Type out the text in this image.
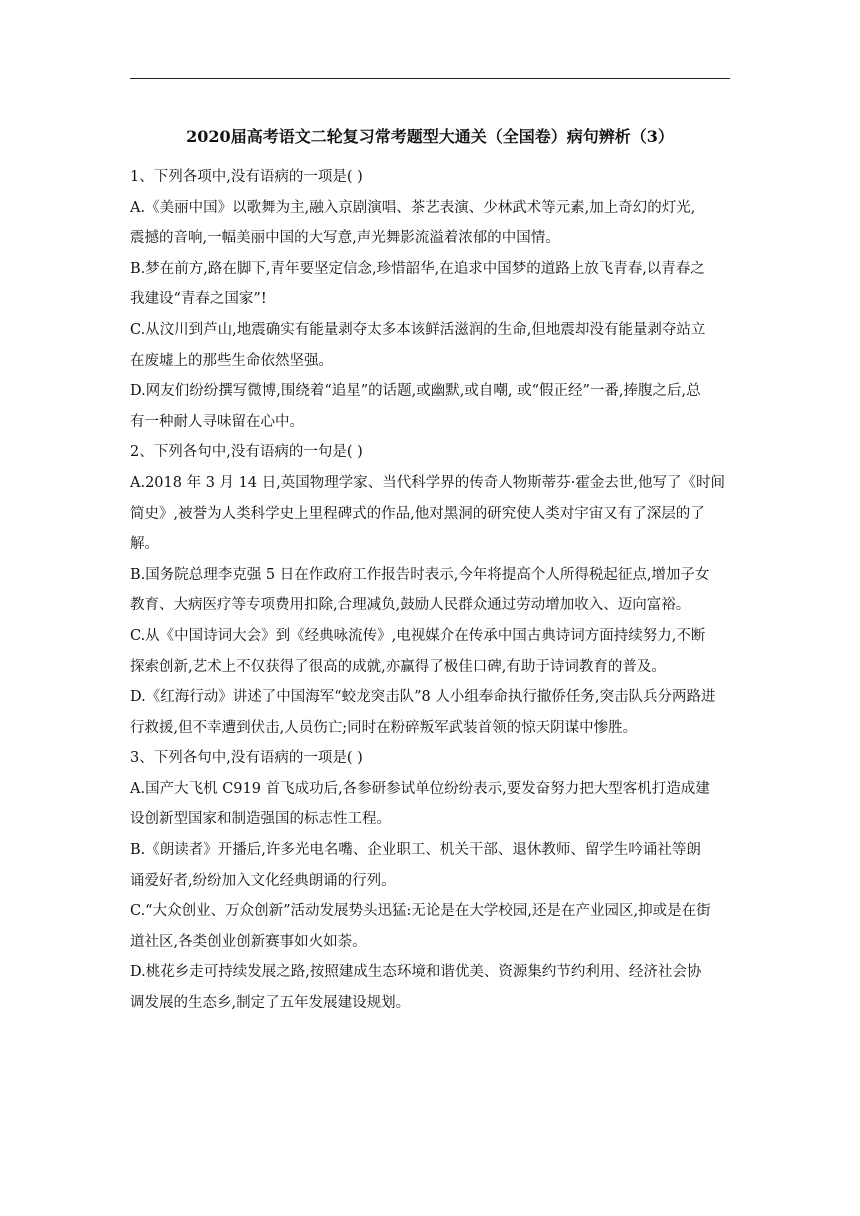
2020届高考语文二轮复习常考题型大通关（全国卷）病句辨析（3）
1、下列各项中,没有语病的一项是( )
A.《美丽中国》以歌舞为主,融入京剧演唱、茶艺表演、少林武术等元素,加上奇幻的灯光,
震撼的音响,一幅美丽中国的大写意,声光舞影流溢着浓郁的中国情。
B.梦在前方,路在脚下,青年要坚定信念,珍惜韶华,在追求中国梦的道路上放飞青春,以青春之
我建设“青春之国家”!
C.从汶川到芦山,地震确实有能量剥夺太多本该鲜活滋润的生命,但地震却没有能量剥夺站立
在废墟上的那些生命依然坚强。
D.网友们纷纷撰写微博,围绕着“追星”的话题,或幽默,或自嘲, 或“假正经”一番,捧腹之后,总
有一种耐人寻味留在心中。
2、下列各句中,没有语病的一句是( )
A.2018 年 3 月 14 日,英国物理学家、当代科学界的传奇人物斯蒂芬·霍金去世,他写了《时间
简史》,被誉为人类科学史上里程碑式的作品,他对黑洞的研究使人类对宇宙又有了深层的了
解。
B.国务院总理李克强 5 日在作政府工作报告时表示,今年将提高个人所得税起征点,增加子女
教育、大病医疗等专项费用扣除,合理减负,鼓励人民群众通过劳动增加收入、迈向富裕。
C.从《中国诗词大会》到《经典咏流传》,电视媒介在传承中国古典诗词方面持续努力,不断
探索创新,艺术上不仅获得了很高的成就,亦赢得了极佳口碑,有助于诗词教育的普及。
D.《红海行动》讲述了中国海军“蛟龙突击队”8 人小组奉命执行撤侨任务,突击队兵分两路进
行救援,但不幸遭到伏击,人员伤亡;同时在粉碎叛军武装首领的惊天阴谋中惨胜。
3、下列各句中,没有语病的一项是( )
A.国产大飞机 C919 首飞成功后,各参研参试单位纷纷表示,要发奋努力把大型客机打造成建
设创新型国家和制造强国的标志性工程。
B.《朗读者》开播后,许多光电名嘴、企业职工、机关干部、退休教师、留学生吟诵社等朗
诵爱好者,纷纷加入文化经典朗诵的行列。
C.“大众创业、万众创新”活动发展势头迅猛:无论是在大学校园,还是在产业园区,抑或是在街
道社区,各类创业创新赛事如火如荼。
D.桃花乡走可持续发展之路,按照建成生态环境和谐优美、资源集约节约利用、经济社会协
调发展的生态乡,制定了五年发展建设规划。
